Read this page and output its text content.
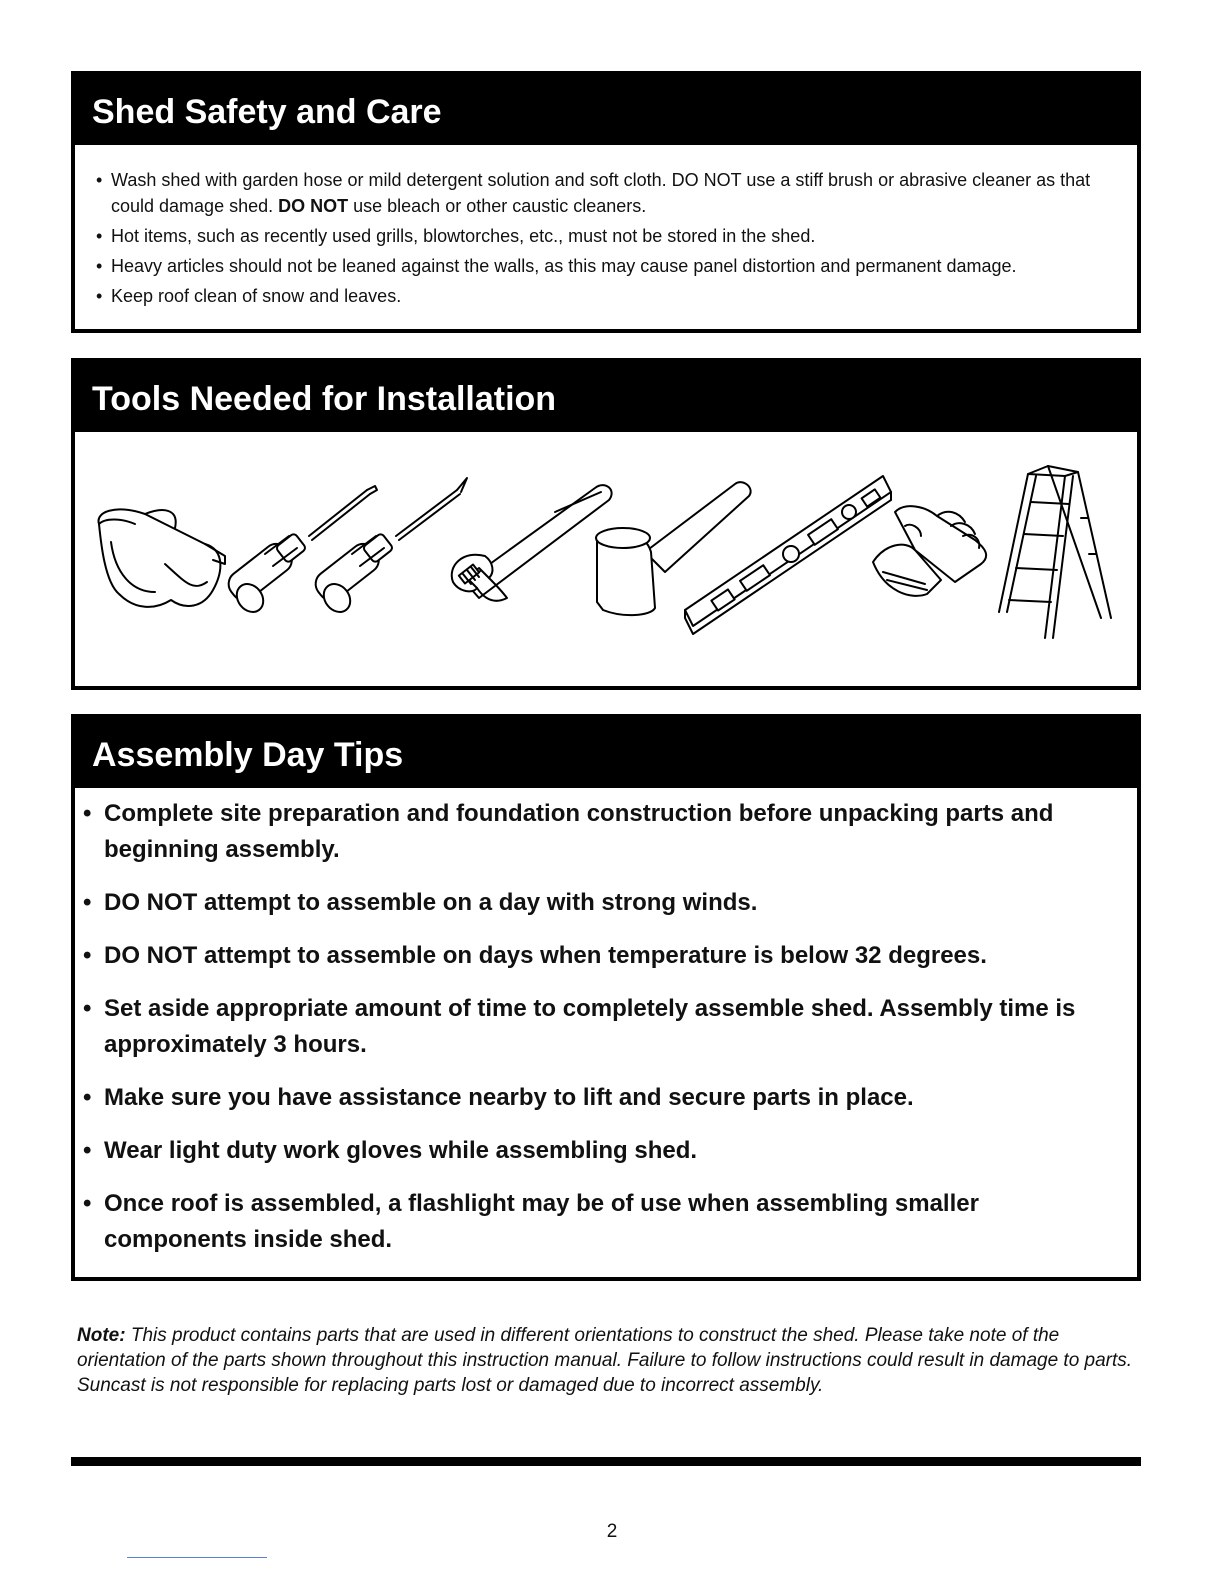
Shed Safety and Care
• Wash shed with garden hose or mild detergent solution and soft cloth. DO NOT use a stiff brush or abrasive cleaner as that could damage shed. DO NOT use bleach or other caustic cleaners.
• Hot items, such as recently used grills, blowtorches, etc., must not be stored in the shed.
• Heavy articles should not be leaned against the walls, as this may cause panel distortion and permanent damage.
• Keep roof clean of snow and leaves.
Tools Needed for Installation
Assembly Day Tips
• Complete site preparation and foundation construction before unpacking parts and beginning assembly.
• DO NOT attempt to assemble on a day with strong winds.
• DO NOT attempt to assemble on days when temperature is below 32 degrees.
• Set aside appropriate amount of time to completely assemble shed. Assembly time is approximately 3 hours.
• Make sure you have assistance nearby to lift and secure parts in place.
• Wear light duty work gloves while assembling shed.
• Once roof is assembled, a flashlight may be of use when assembling smaller components inside shed.
Note: This product contains parts that are used in different orientations to construct the shed. Please take note of the orientation of the parts shown throughout this instruction manual. Failure to follow instructions could result in damage to parts. Suncast is not responsible for replacing parts lost or damaged due to incorrect assembly.
2
